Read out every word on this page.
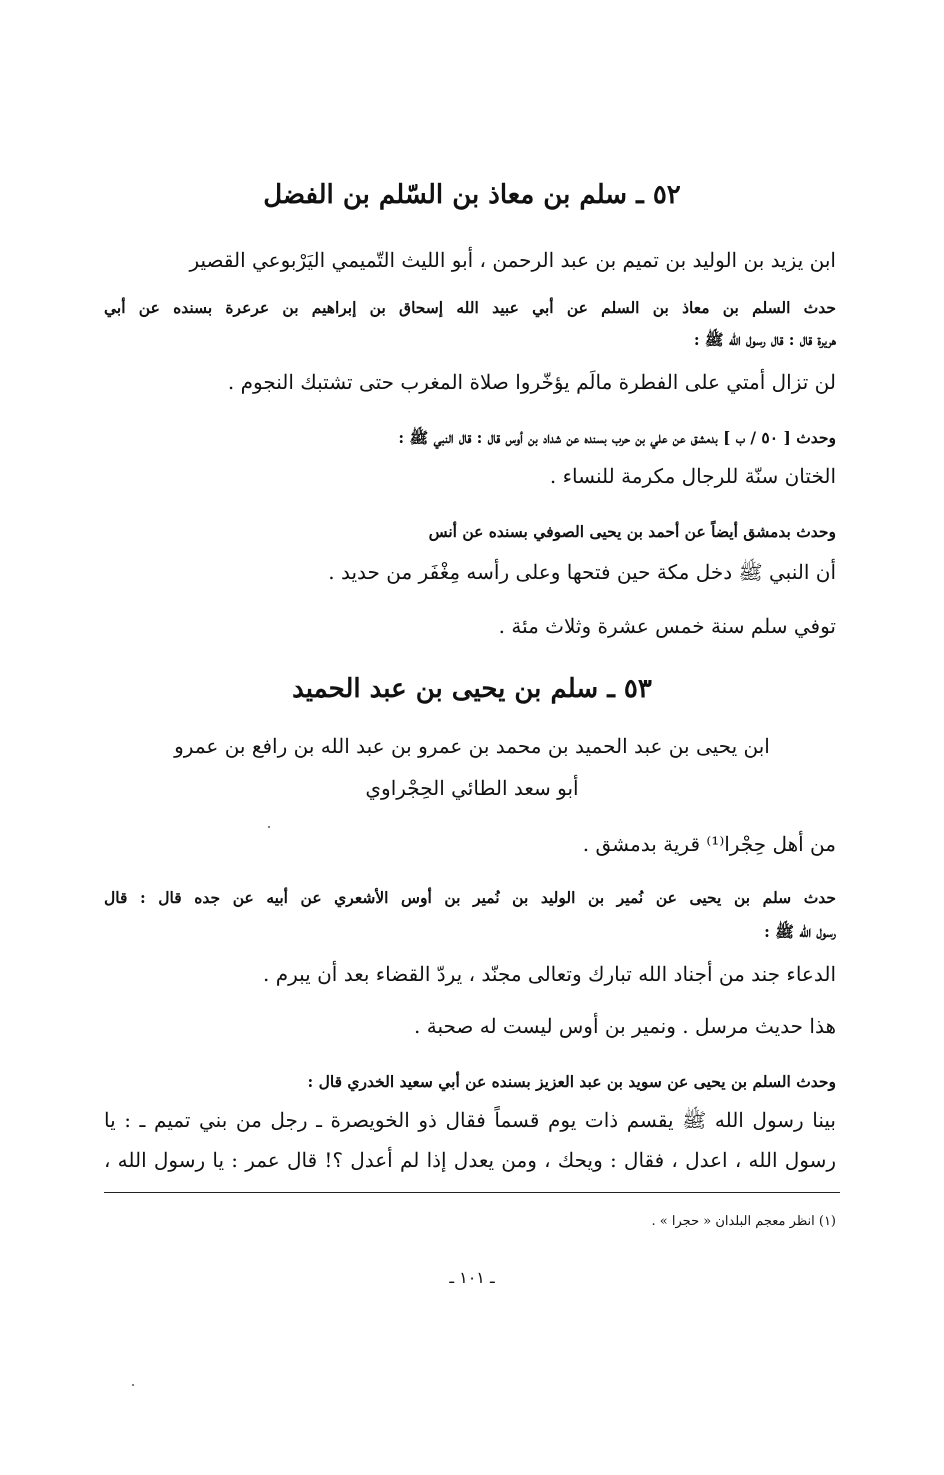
٥٢ ـ سلم بن معاذ بن السّلم بن الفضل
ابن يزيد بن الوليد بن تميم بن عبد الرحمن ، أبو الليث التّميمي اليَرْبوعي القصير
حدث السلم بن معاذ بن السلم عن أبي عبيد الله إسحاق بن إبراهيم بن عرعرة بسنده عن أبي
هريرة قال : قال رسول الله ﷺ :
لن تزال أمتي على الفطرة مالَم يؤخّروا صلاة المغرب حتى تشتبك النجوم .
وحدث [ ٥٠ / ب ] بدمشق عن علي بن حرب بسنده عن شداد بن أوس قال : قال النبي ﷺ :
الختان سنّة للرجال مكرمة للنساء .
وحدث بدمشق أيضاً عن أحمد بن يحيى الصوفي بسنده عن أنس
أن النبي ﷺ دخل مكة حين فتحها وعلى رأسه مِغْفَر من حديد .
توفي سلم سنة خمس عشرة وثلاث مئة .
٥٣ ـ سلم بن يحيى بن عبد الحميد
ابن يحيى بن عبد الحميد بن محمد بن عمرو بن عبد الله بن رافع بن عمرو
أبو سعد الطائي الحِجْراوي
من أهل حِجْرا⁽¹⁾ قرية بدمشق .
حدث سلم بن يحيى عن نُمير بن الوليد بن نُمير بن أوس الأشعري عن أبيه عن جده قال : قال
رسول الله ﷺ :
الدعاء جند من أجناد الله تبارك وتعالى مجنّد ، يردّ القضاء بعد أن يبرم .
هذا حديث مرسل . ونمير بن أوس ليست له صحبة .
وحدث السلم بن يحيى عن سويد بن عبد العزيز بسنده عن أبي سعيد الخدري قال :
بينا رسول الله ﷺ يقسم ذات يوم قسماً فقال ذو الخويصرة ـ رجل من بني تميم ـ : يا
رسول الله ، اعدل ، فقال : ويحك ، ومن يعدل إذا لم أعدل ؟! قال عمر : يا رسول الله ،
(١) انظر معجم البلدان « حجرا » .
ـ ١٠١ ـ
